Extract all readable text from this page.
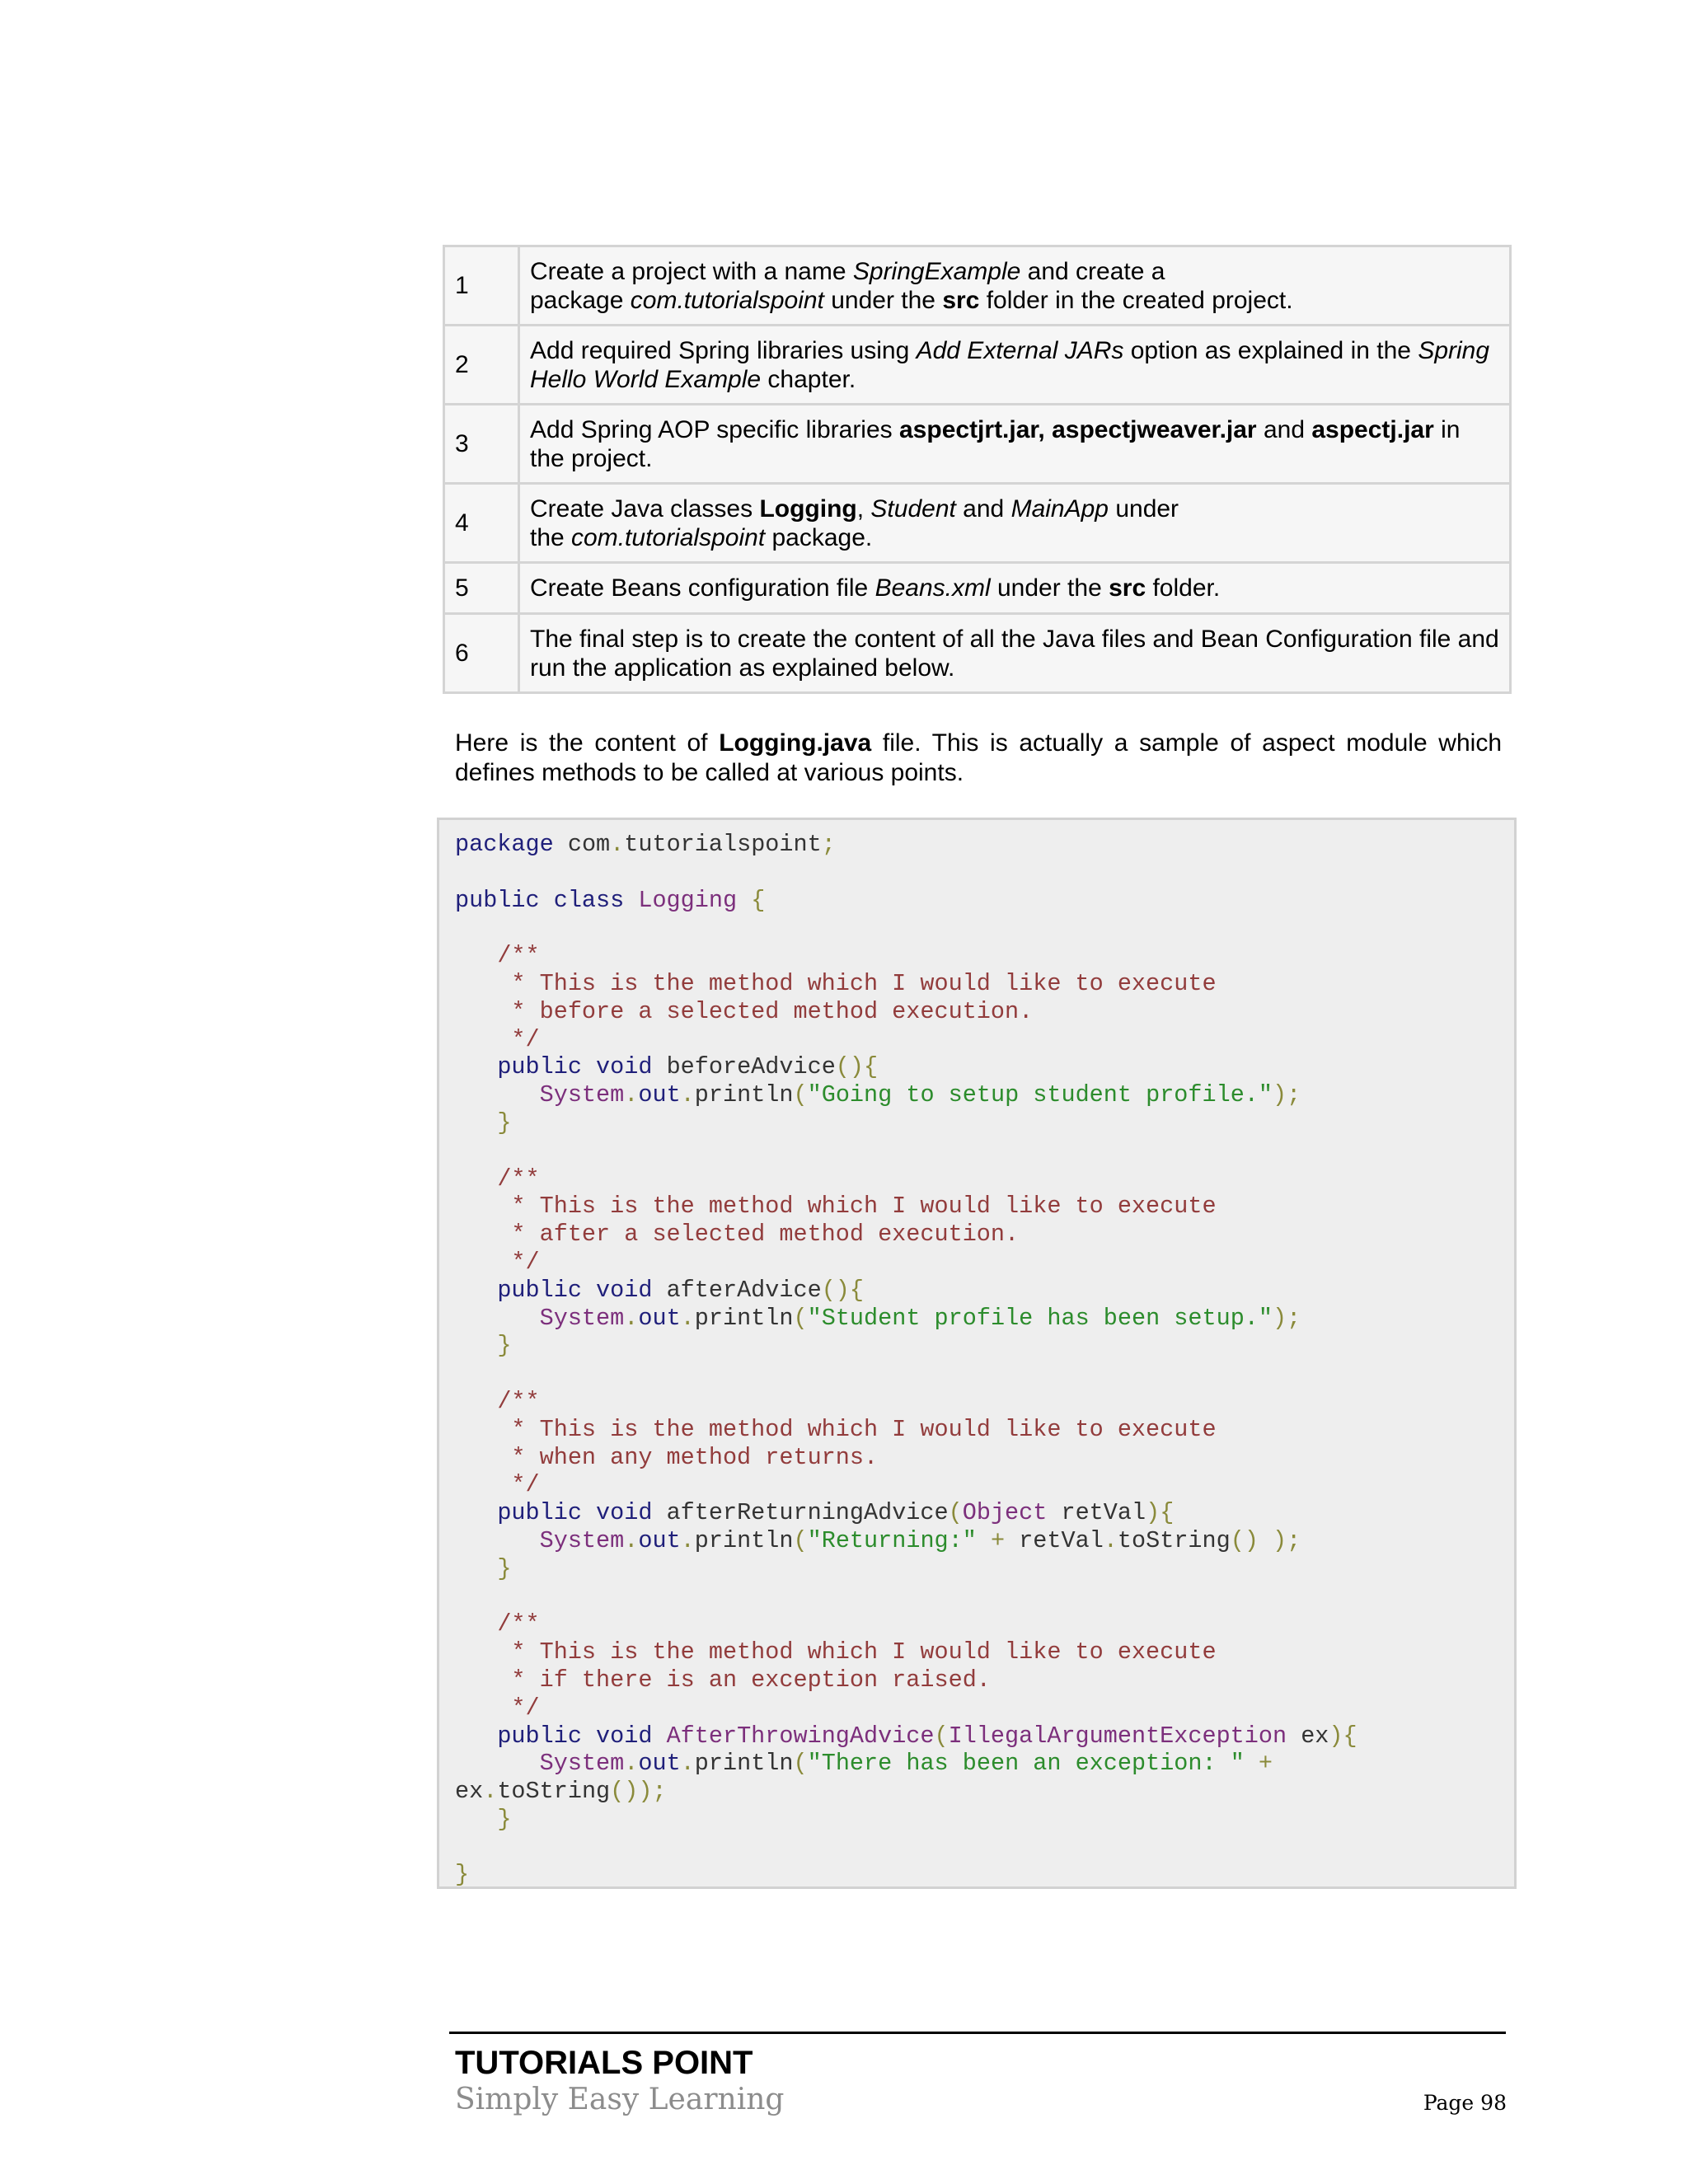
1	Create a project with a name SpringExample and create a
package com.tutorialspoint under the src folder in the created project.
2	Add required Spring libraries using Add External JARs option as explained in the Spring Hello World Example chapter.
3	Add Spring AOP specific libraries aspectjrt.jar, aspectjweaver.jar and aspectj.jar in the project.
4	Create Java classes Logging, Student and MainApp under
the com.tutorialspoint package.
5	Create Beans configuration file Beans.xml under the src folder.
6	The final step is to create the content of all the Java files and Bean Configuration file and run the application as explained below.

Here is the content of Logging.java file. This is actually a sample of aspect module which defines methods to be called at various points.

package com.tutorialspoint;

public class Logging {

/**
* This is the method which I would like to execute
* before a selected method execution.
*/
public void beforeAdvice(){
System.out.println("Going to setup student profile.");
}

/**
* This is the method which I would like to execute
* after a selected method execution.
*/
public void afterAdvice(){
System.out.println("Student profile has been setup.");
}

/**
* This is the method which I would like to execute
* when any method returns.
*/
public void afterReturningAdvice(Object retVal){
System.out.println("Returning:" + retVal.toString() );
}

/**
* This is the method which I would like to execute
* if there is an exception raised.
*/
public void AfterThrowingAdvice(IllegalArgumentException ex){
System.out.println("There has been an exception: " +
ex.toString());
}

}

TUTORIALS POINT

Simply Easy Learning	Page 98
